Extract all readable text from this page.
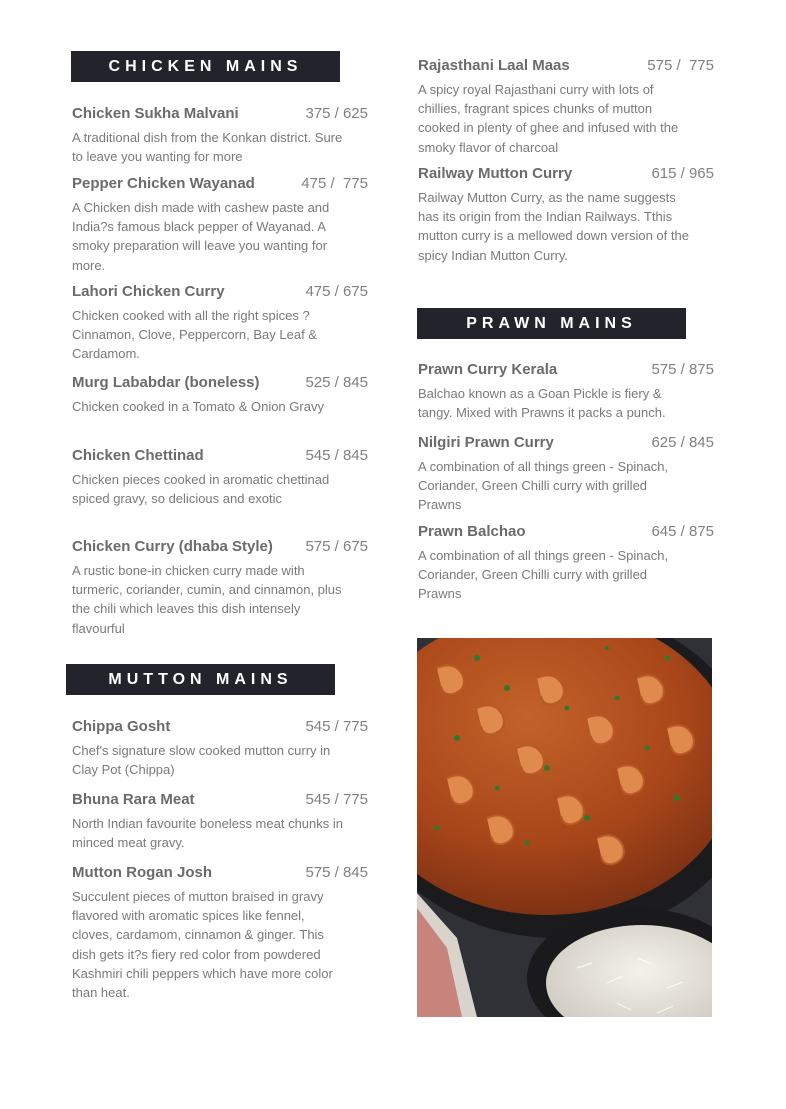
CHICKEN MAINS
Chicken Sukha Malvani	375 / 625
A traditional dish from the Konkan district. Sure to leave you wanting for more
Pepper Chicken Wayanad	475 /  775
A Chicken dish made with cashew paste and India?s famous black pepper of Wayanad. A smoky preparation will leave you wanting for more.
Lahori Chicken Curry	475 / 675
Chicken cooked with all the right spices ? Cinnamon, Clove, Peppercorn, Bay Leaf & Cardamom.
Murg Lababdar (boneless)	525 / 845
Chicken cooked in a Tomato & Onion Gravy
Chicken Chettinad	545 / 845
Chicken pieces cooked in aromatic chettinad spiced gravy, so delicious and exotic
Chicken Curry (dhaba Style) 575 / 675
A rustic bone-in chicken curry made with turmeric, coriander, cumin, and cinnamon, plus the chili which leaves this dish intensely flavourful
MUTTON MAINS
Chippa Gosht	545 / 775
Chef's signature slow cooked mutton curry in Clay Pot (Chippa)
Bhuna Rara Meat	545 / 775
North Indian favourite boneless meat chunks in minced meat gravy.
Mutton Rogan Josh	575 / 845
Succulent pieces of mutton braised in gravy flavored with aromatic spices like fennel, cloves, cardamom, cinnamon & ginger. This dish gets it?s fiery red color from powdered Kashmiri chili peppers which have more color than heat.
Rajasthani Laal Maas	575 /  775
A spicy royal Rajasthani curry with lots of chillies, fragrant spices chunks of mutton cooked in plenty of ghee and infused with the smoky flavor of charcoal
Railway Mutton Curry	615 / 965
Railway Mutton Curry, as the name suggests has its origin from the Indian Railways. Tthis mutton curry is a mellowed down version of the spicy Indian Mutton Curry.
PRAWN MAINS
Prawn Curry Kerala	575 / 875
Balchao known as a Goan Pickle is fiery & tangy. Mixed with Prawns it packs a punch.
Nilgiri Prawn Curry	625 / 845
A combination of all things green - Spinach, Coriander, Green Chilli curry with grilled Prawns
Prawn Balchao	645 / 875
A combination of all things green - Spinach, Coriander, Green Chilli curry with grilled Prawns
